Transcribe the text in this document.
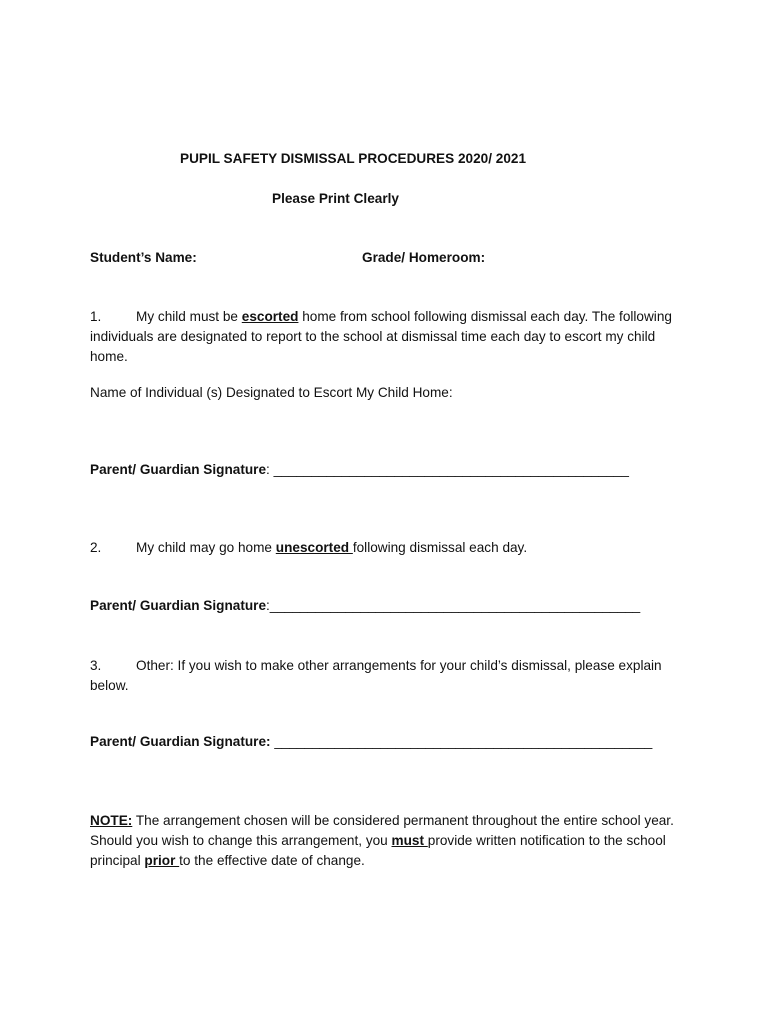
PUPIL SAFETY DISMISSAL PROCEDURES 2020/ 2021
Please Print Clearly
Student’s Name:	Grade/ Homeroom:
1.	My child must be escorted home from school following dismissal each day. The following individuals are designated to report to the school at dismissal time each day to escort my child home.
Name of Individual (s) Designated to Escort My Child Home:
Parent/ Guardian Signature: _______________________________________________
2.	My child may go home unescorted following dismissal each day.
Parent/ Guardian Signature:_________________________________________________
3.	Other: If you wish to make other arrangements for your child’s dismissal, please explain below.
Parent/ Guardian Signature: __________________________________________________
NOTE: The arrangement chosen will be considered permanent throughout the entire school year. Should you wish to change this arrangement, you must provide written notification to the school principal prior to the effective date of change.
